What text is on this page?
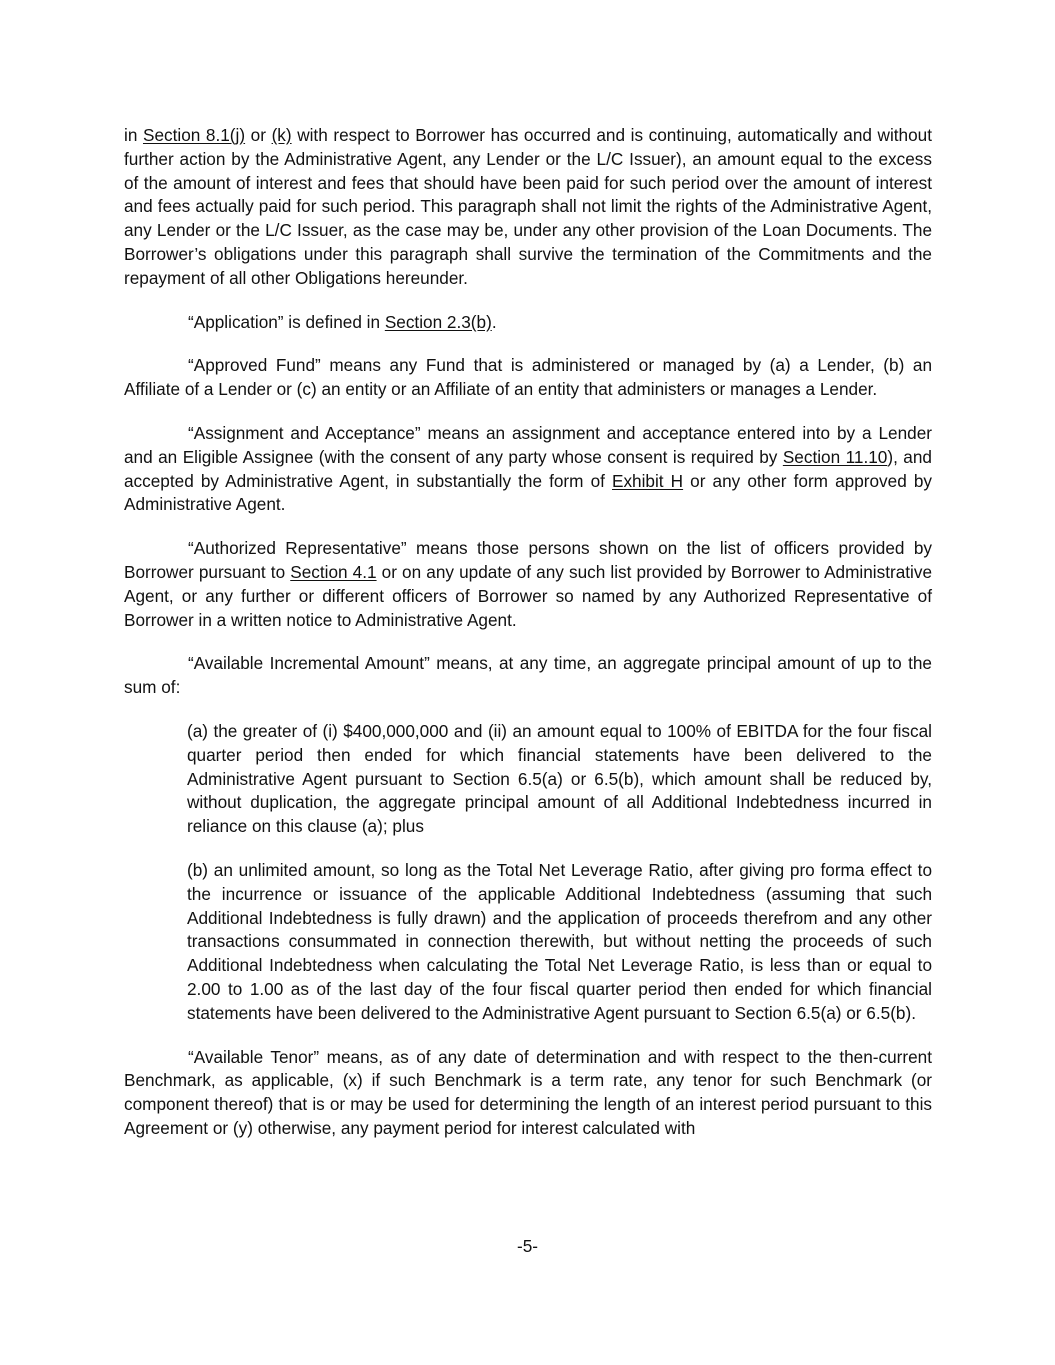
in Section 8.1(j) or (k) with respect to Borrower has occurred and is continuing, automatically and without further action by the Administrative Agent, any Lender or the L/C Issuer), an amount equal to the excess of the amount of interest and fees that should have been paid for such period over the amount of interest and fees actually paid for such period. This paragraph shall not limit the rights of the Administrative Agent, any Lender or the L/C Issuer, as the case may be, under any other provision of the Loan Documents. The Borrower’s obligations under this paragraph shall survive the termination of the Commitments and the repayment of all other Obligations hereunder.

“Application” is defined in Section 2.3(b).

“Approved Fund” means any Fund that is administered or managed by (a) a Lender, (b) an Affiliate of a Lender or (c) an entity or an Affiliate of an entity that administers or manages a Lender.

“Assignment and Acceptance” means an assignment and acceptance entered into by a Lender and an Eligible Assignee (with the consent of any party whose consent is required by Section 11.10), and accepted by Administrative Agent, in substantially the form of Exhibit H or any other form approved by Administrative Agent.

“Authorized Representative” means those persons shown on the list of officers provided by Borrower pursuant to Section 4.1 or on any update of any such list provided by Borrower to Administrative Agent, or any further or different officers of Borrower so named by any Authorized Representative of Borrower in a written notice to Administrative Agent.

“Available Incremental Amount” means, at any time, an aggregate principal amount of up to the sum of:

(a) the greater of (i) $400,000,000 and (ii) an amount equal to 100% of EBITDA for the four fiscal quarter period then ended for which financial statements have been delivered to the Administrative Agent pursuant to Section 6.5(a) or 6.5(b), which amount shall be reduced by, without duplication, the aggregate principal amount of all Additional Indebtedness incurred in reliance on this clause (a); plus

(b) an unlimited amount, so long as the Total Net Leverage Ratio, after giving pro forma effect to the incurrence or issuance of the applicable Additional Indebtedness (assuming that such Additional Indebtedness is fully drawn) and the application of proceeds therefrom and any other transactions consummated in connection therewith, but without netting the proceeds of such Additional Indebtedness when calculating the Total Net Leverage Ratio, is less than or equal to 2.00 to 1.00 as of the last day of the four fiscal quarter period then ended for which financial statements have been delivered to the Administrative Agent pursuant to Section 6.5(a) or 6.5(b).

“Available Tenor” means, as of any date of determination and with respect to the then-current Benchmark, as applicable, (x) if such Benchmark is a term rate, any tenor for such Benchmark (or component thereof) that is or may be used for determining the length of an interest period pursuant to this Agreement or (y) otherwise, any payment period for interest calculated with

-5-
